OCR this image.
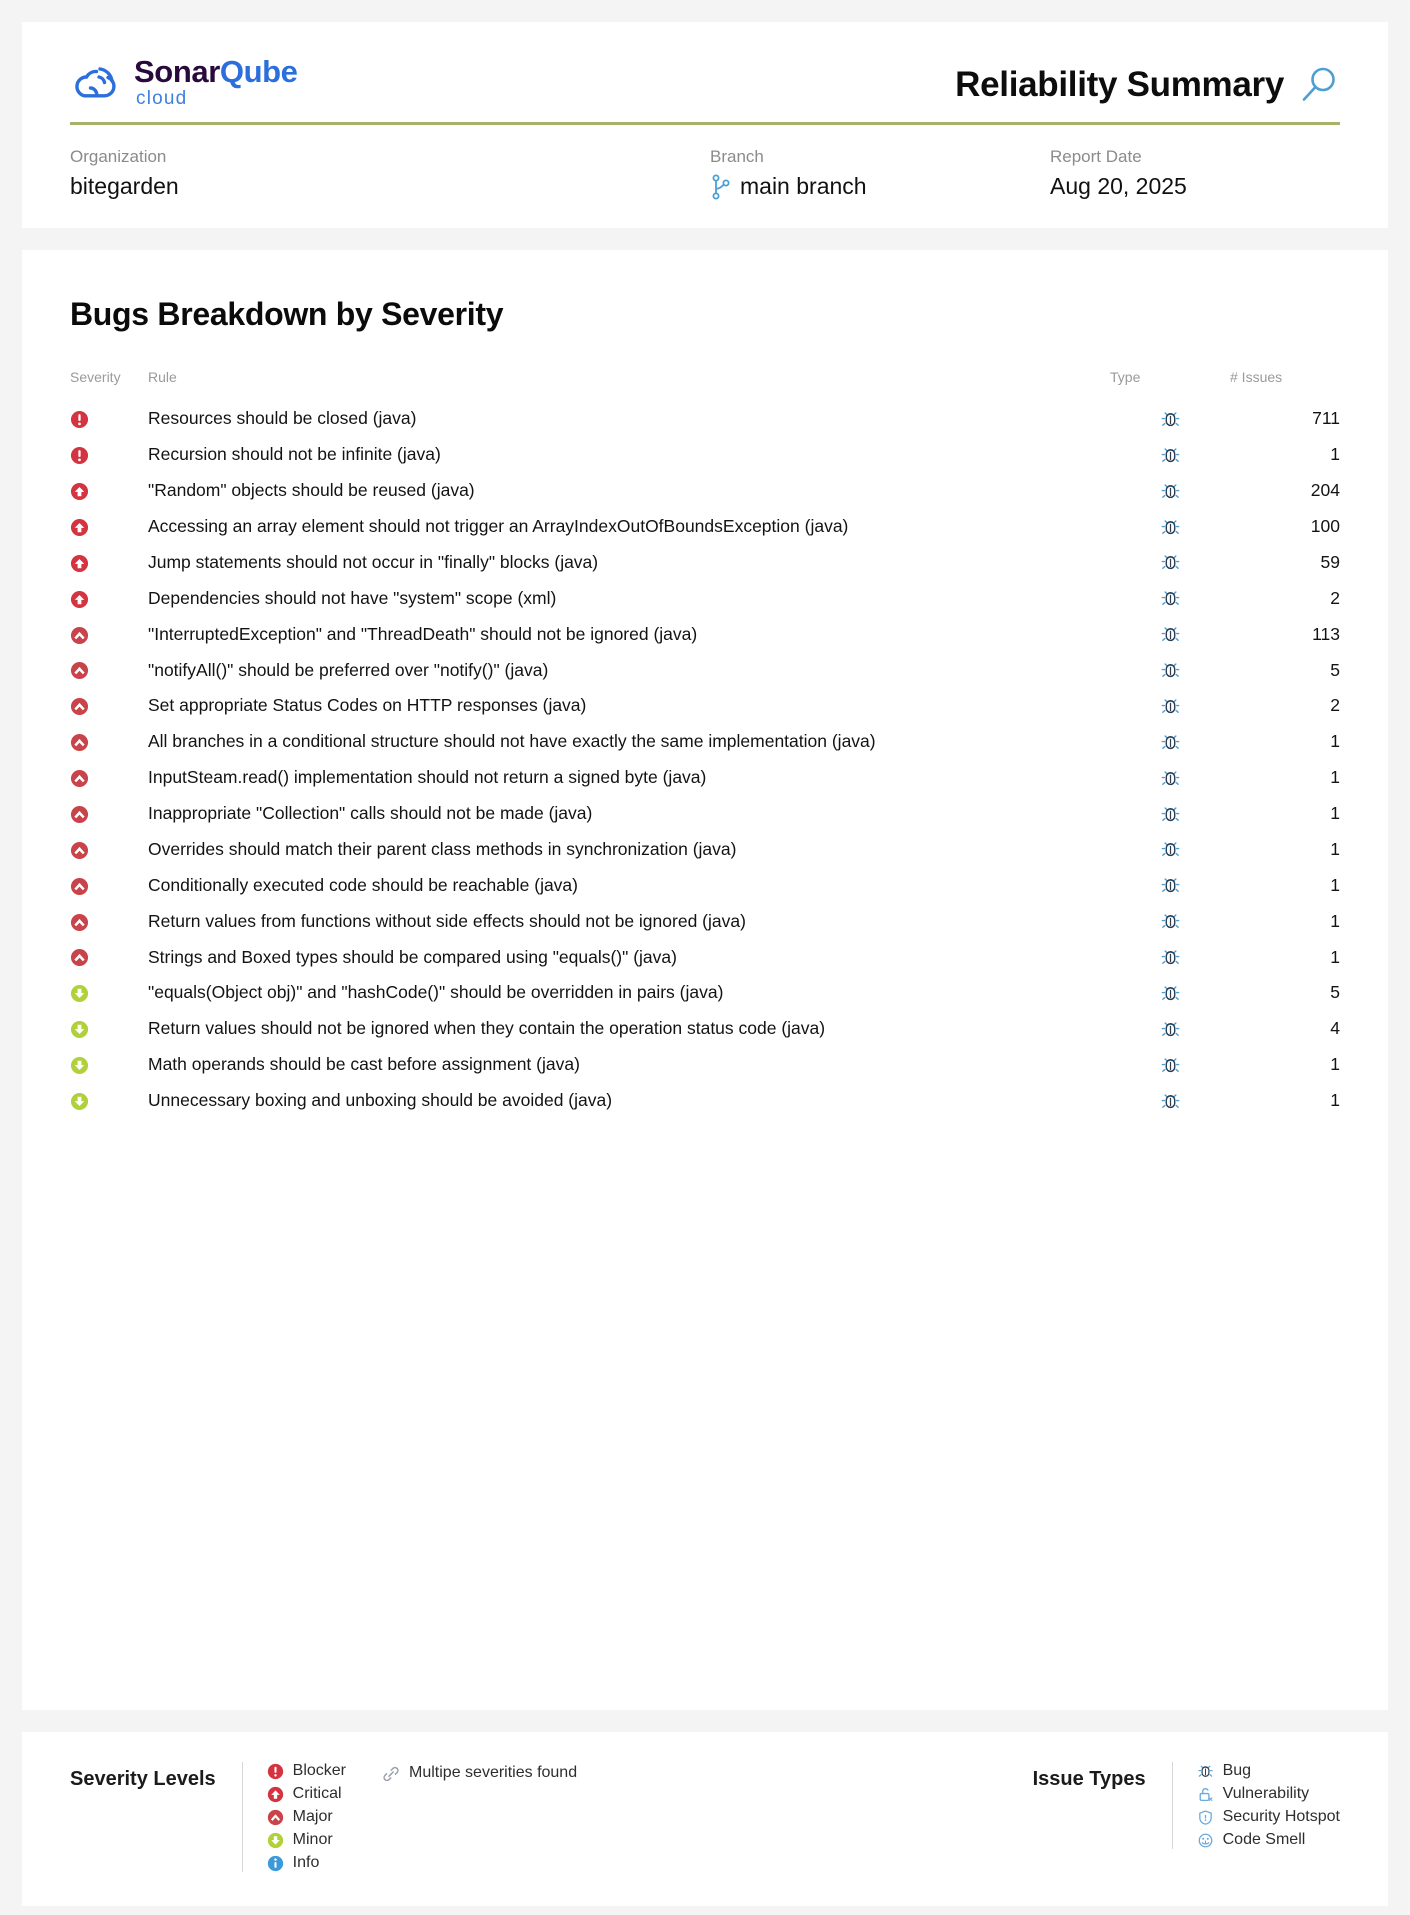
SonarQube
cloud	Reliability Summary
Organization
bitegarden
Branch
main branch
Report Date
Aug 20, 2025
Bugs Breakdown by Severity
Severity	Rule	Type	# Issues
	Resources should be closed (java)		711
	Recursion should not be infinite (java)		1
	"Random" objects should be reused (java)		204
	Accessing an array element should not trigger an ArrayIndexOutOfBoundsException (java)		100
	Jump statements should not occur in "finally" blocks (java)		59
	Dependencies should not have "system" scope (xml)		2
	"InterruptedException" and "ThreadDeath" should not be ignored (java)		113
	"notifyAll()" should be preferred over "notify()" (java)		5
	Set appropriate Status Codes on HTTP responses (java)		2
	All branches in a conditional structure should not have exactly the same implementation (java)		1
	InputSteam.read() implementation should not return a signed byte (java)		1
	Inappropriate "Collection" calls should not be made (java)		1
	Overrides should match their parent class methods in synchronization (java)		1
	Conditionally executed code should be reachable (java)		1
	Return values from functions without side effects should not be ignored (java)		1
	Strings and Boxed types should be compared using "equals()" (java)		1
	"equals(Object obj)" and "hashCode()" should be overridden in pairs (java)		5
	Return values should not be ignored when they contain the operation status code (java)		4
	Math operands should be cast before assignment (java)		1
	Unnecessary boxing and unboxing should be avoided (java)		1
Severity Levels	Blocker
Critical
Major
Minor
Info
Multipe severities found	Issue Types	Bug
Vulnerability
Security Hotspot
Code Smell
